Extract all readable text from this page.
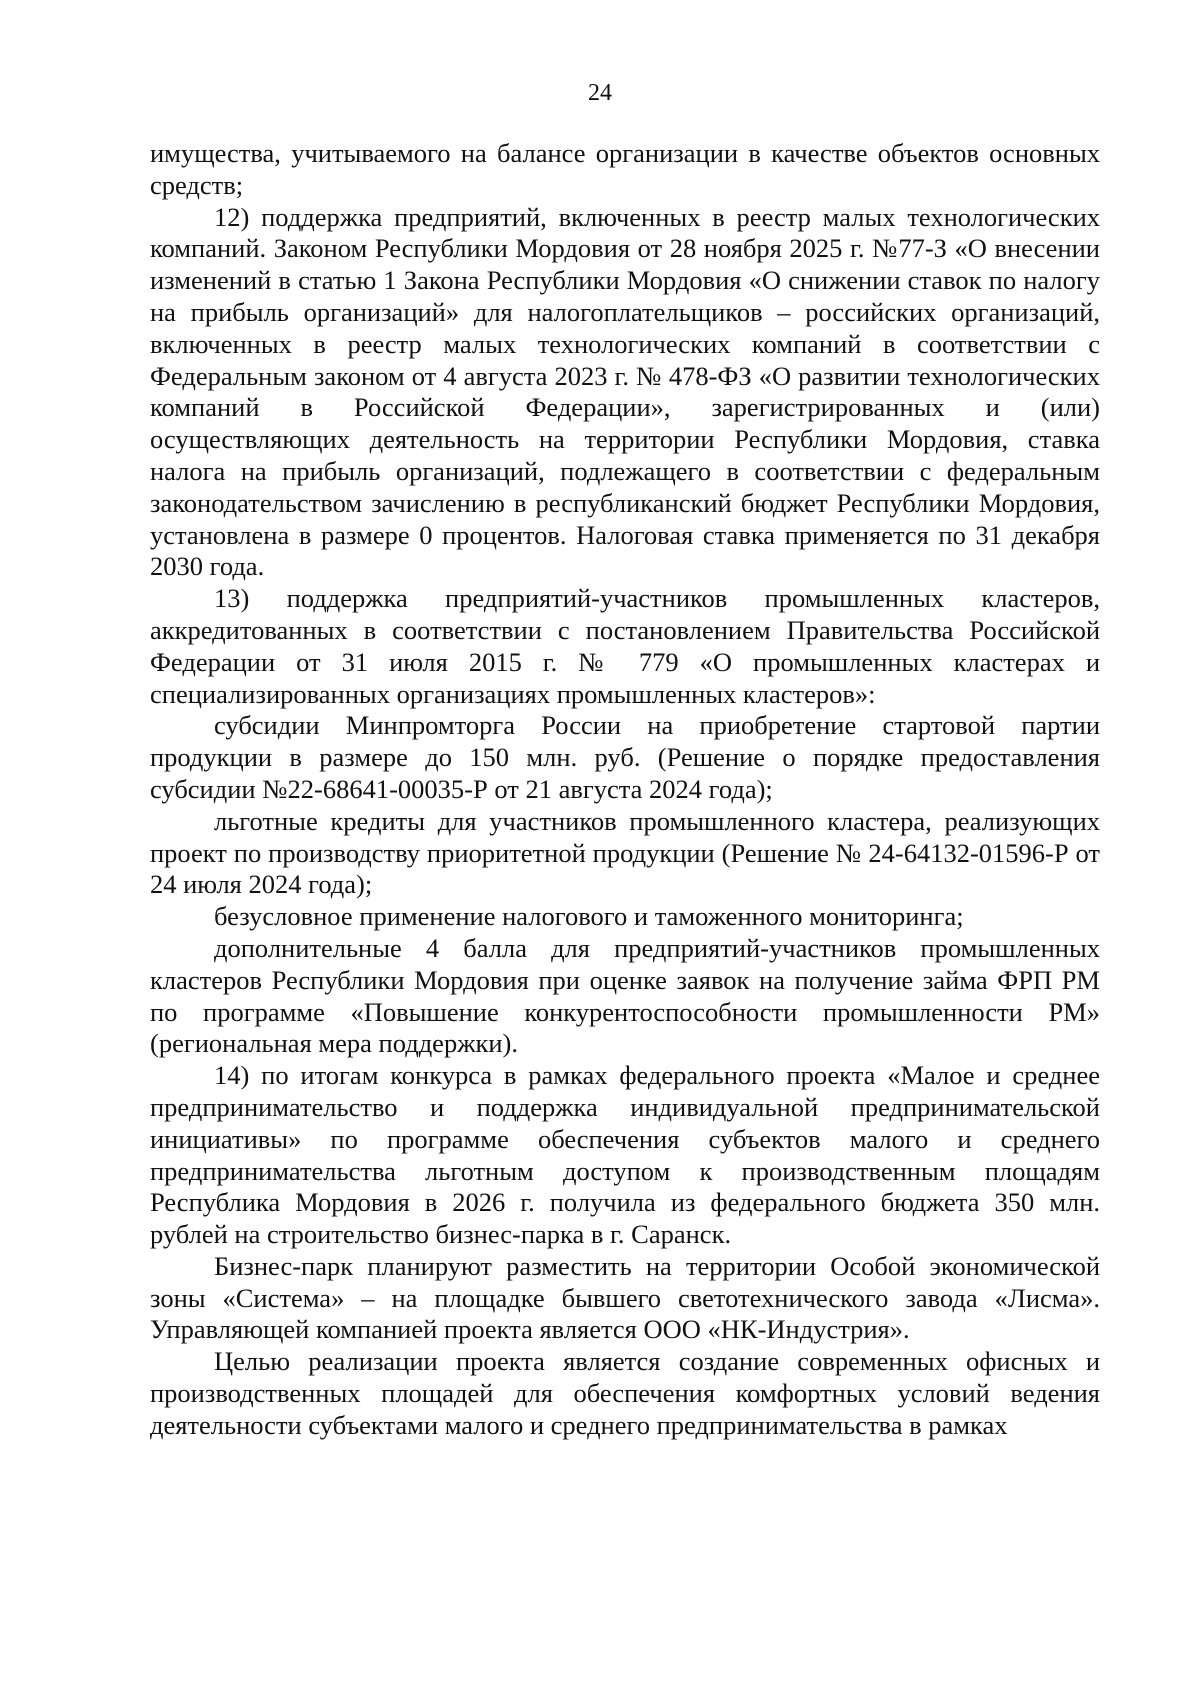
24

имущества, учитываемого на балансе организации в качестве объектов основных средств;

12) поддержка предприятий, включенных в реестр малых технологических компаний. Законом Республики Мордовия от 28 ноября 2025 г. №77-З «О внесении изменений в статью 1 Закона Республики Мордовия «О снижении ставок по налогу на прибыль организаций» для налогоплательщиков – российских организаций, включенных в реестр малых технологических компаний в соответствии с Федеральным законом от 4 августа 2023 г. № 478-ФЗ «О развитии технологических компаний в Российской Федерации», зарегистрированных и (или) осуществляющих деятельность на территории Республики Мордовия, ставка налога на прибыль организаций, подлежащего в соответствии с федеральным законодательством зачислению в республиканский бюджет Республики Мордовия, установлена в размере 0 процентов. Налоговая ставка применяется по 31 декабря 2030 года.

13) поддержка предприятий-участников промышленных кластеров, аккредитованных в соответствии с постановлением Правительства Российской Федерации от 31 июля 2015 г. № 779 «О промышленных кластерах и специализированных организациях промышленных кластеров»:

субсидии Минпромторга России на приобретение стартовой партии продукции в размере до 150 млн. руб. (Решение о порядке предоставления субсидии №22-68641-00035-Р от 21 августа 2024 года);

льготные кредиты для участников промышленного кластера, реализующих проект по производству приоритетной продукции (Решение № 24-64132-01596-Р от 24 июля 2024 года);

безусловное применение налогового и таможенного мониторинга;

дополнительные 4 балла для предприятий-участников промышленных кластеров Республики Мордовия при оценке заявок на получение займа ФРП РМ по программе «Повышение конкурентоспособности промышленности РМ» (региональная мера поддержки).

14) по итогам конкурса в рамках федерального проекта «Малое и среднее предпринимательство и поддержка индивидуальной предпринимательской инициативы» по программе обеспечения субъектов малого и среднего предпринимательства льготным доступом к производственным площадям Республика Мордовия в 2026 г. получила из федерального бюджета 350 млн. рублей на строительство бизнес-парка в г. Саранск.

Бизнес-парк планируют разместить на территории Особой экономической зоны «Система» – на площадке бывшего светотехнического завода «Лисма». Управляющей компанией проекта является ООО «НК-Индустрия».

Целью реализации проекта является создание современных офисных и производственных площадей для обеспечения комфортных условий ведения деятельности субъектами малого и среднего предпринимательства в рамках
